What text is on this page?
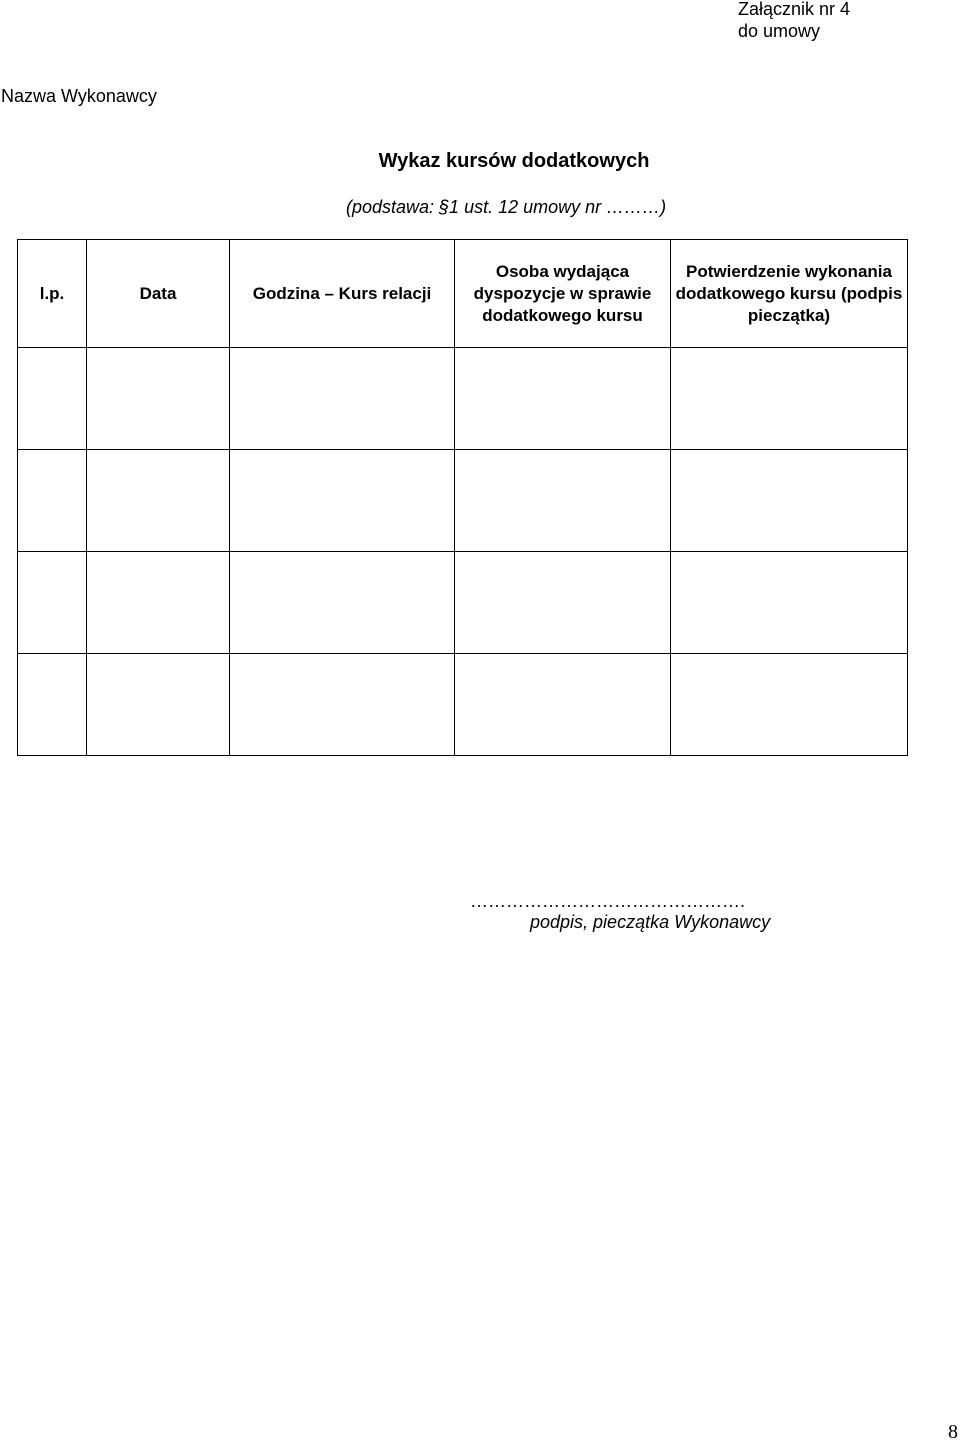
Załącznik nr 4
do umowy
Nazwa Wykonawcy
Wykaz kursów dodatkowych
(podstawa: §1 ust. 12 umowy nr ………)
l.p.	Data	Godzina – Kurs relacji	Osoba wydająca dyspozycje w sprawie dodatkowego kursu	Potwierdzenie wykonania dodatkowego kursu (podpis pieczątka)

……………………………………….
podpis, pieczątka Wykonawcy
8
